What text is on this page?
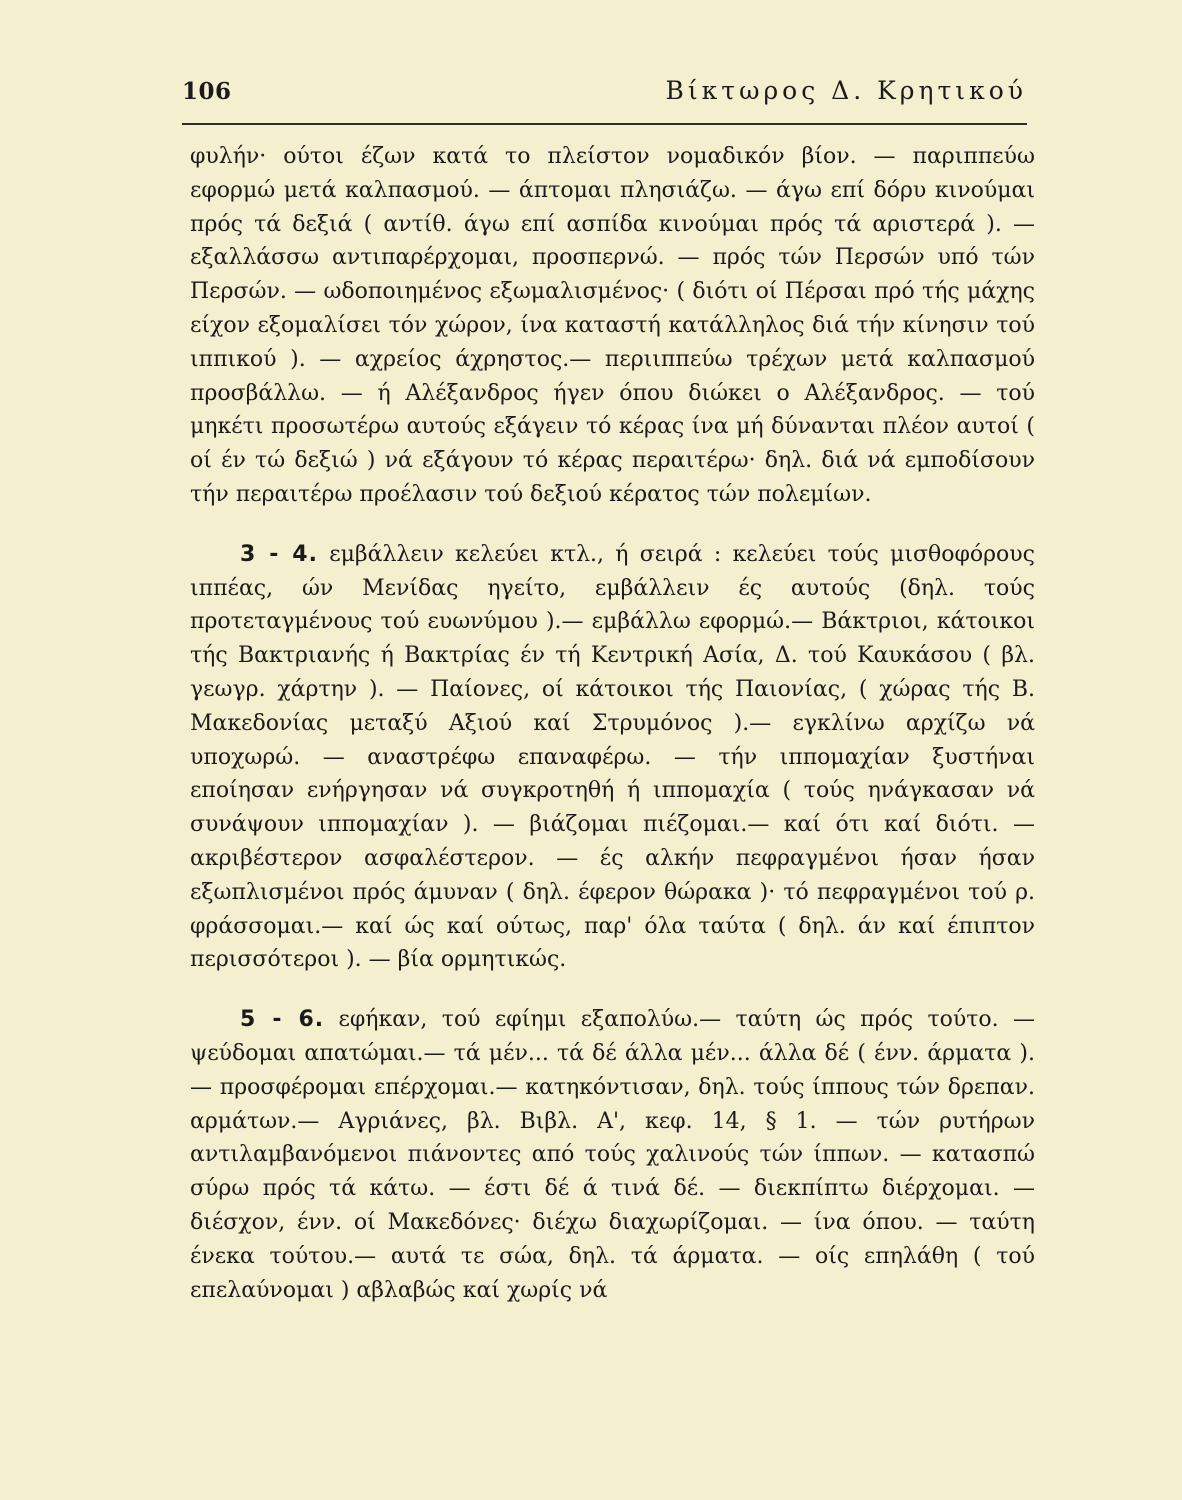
106	Βίκτωρος Δ. Κρητικού

φυλήν· ούτοι έζων κατά το πλείστον νομαδικόν βίον. — παριππεύω εφορμώ μετά καλπασμού. — άπτομαι πλησιάζω. — άγω επί δόρυ κινούμαι πρός τά δεξιά ( αντίθ. άγω επί ασπίδα κινούμαι πρός τά αριστερά ). — εξαλλάσσω αντιπαρέρχομαι, προσπερνώ. — πρός τών Περσών υπό τών Περσών. — ωδοποιημένος εξωμαλισμένος· ( διότι οί Πέρσαι πρό τής μάχης είχον εξομαλίσει τόν χώρον, ίνα καταστή κατάλληλος διά τήν κίνησιν τού ιππικού ). — αχρείος άχρηστος.— περιιππεύω τρέχων μετά καλπασμού προσβάλλω. — ή Αλέξανδρος ήγεν όπου διώκει ο Αλέξανδρος. — τού μηκέτι προσωτέρω αυτούς εξάγειν τό κέρας ίνα μή δύνανται πλέον αυτοί ( οί έν τώ δεξιώ ) νά εξάγουν τό κέρας περαιτέρω· δηλ. διά νά εμποδίσουν τήν περαιτέρω προέλασιν τού δεξιού κέρατος τών πολεμίων.

3 - 4. εμβάλλειν κελεύει κτλ., ή σειρά : κελεύει τούς μισθοφόρους ιππέας, ών Μενίδας ηγείτο, εμβάλλειν ές αυτούς (δηλ. τούς προτεταγμένους τού ευωνύμου ).— εμβάλλω εφορμώ.— Βάκτριοι, κάτοικοι τής Βακτριανής ή Βακτρίας έν τή Κεντρική Ασία, Δ. τού Καυκάσου ( βλ. γεωγρ. χάρτην ). — Παίονες, οί κάτοικοι τής Παιονίας, ( χώρας τής Β. Μακεδονίας μεταξύ Αξιού καί Στρυμόνος ).— εγκλίνω αρχίζω νά υποχωρώ. — αναστρέφω επαναφέρω. — τήν ιππομαχίαν ξυστήναι εποίησαν ενήργησαν νά συγκροτηθή ή ιππομαχία ( τούς ηνάγκασαν νά συνάψουν ιππομαχίαν ). — βιάζομαι πιέζομαι.— καί ότι καί διότι. — ακριβέστερον ασφαλέστερον. — ές αλκήν πεφραγμένοι ήσαν ήσαν εξωπλισμένοι πρός άμυναν ( δηλ. έφερον θώρακα )· τό πεφραγμένοι τού ρ. φράσσομαι.— καί ώς καί ούτως, παρ' όλα ταύτα ( δηλ. άν καί έπιπτον περισσότεροι ). — βία ορμητικώς.

5 - 6. εφήκαν, τού εφίημι εξαπολύω.— ταύτη ώς πρός τούτο. — ψεύδομαι απατώμαι.— τά μέν... τά δέ άλλα μέν... άλλα δέ ( ένν. άρματα ). — προσφέρομαι επέρχομαι.— κατηκόντισαν, δηλ. τούς ίππους τών δρεπαν. αρμάτων.— Αγριάνες, βλ. Βιβλ. Α', κεφ. 14, § 1. — τών ρυτήρων αντιλαμβανόμενοι πιάνοντες από τούς χαλινούς τών ίππων. — κατασπώ σύρω πρός τά κάτω. — έστι δέ ά τινά δέ. — διεκπίπτω διέρχομαι. — διέσχον, ένν. οί Μακεδόνες· διέχω διαχωρίζομαι. — ίνα όπου. — ταύτη ένεκα τούτου.— αυτά τε σώα, δηλ. τά άρματα. — οίς επηλάθη ( τού επελαύνομαι ) αβλαβώς καί χωρίς νά
